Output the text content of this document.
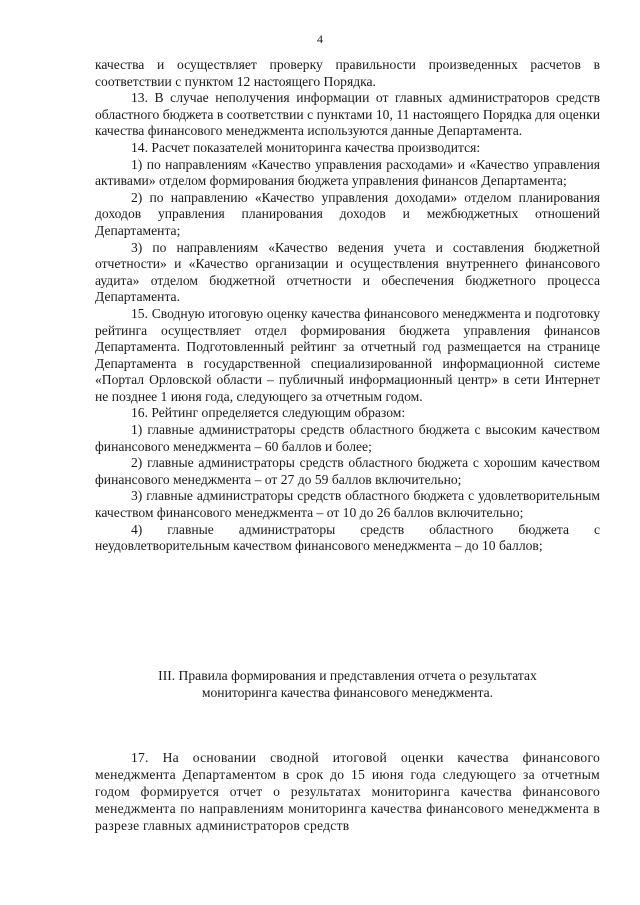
4

качества и осуществляет проверку правильности произведенных расчетов в соответствии с пунктом 12 настоящего Порядка.

13. В случае неполучения информации от главных администраторов средств областного бюджета в соответствии с пунктами 10, 11 настоящего Порядка для оценки качества финансового менеджмента используются данные Департамента.

14. Расчет показателей мониторинга качества производится:

1) по направлениям «Качество управления расходами» и «Качество управления активами» отделом формирования бюджета управления финансов Департамента;

2) по направлению «Качество управления доходами» отделом планирования доходов управления планирования доходов и межбюджетных отношений Департамента;

3) по направлениям «Качество ведения учета и составления бюджетной отчетности» и «Качество организации и осуществления внутреннего финансового аудита» отделом бюджетной отчетности и обеспечения бюджетного процесса Департамента.

15. Сводную итоговую оценку качества финансового менеджмента и подготовку рейтинга осуществляет отдел формирования бюджета управления финансов Департамента. Подготовленный рейтинг за отчетный год размещается на странице Департамента в государственной специализированной информационной системе «Портал Орловской области – публичный информационный центр» в сети Интернет не позднее 1 июня года, следующего за отчетным годом.

16. Рейтинг определяется следующим образом:

1) главные администраторы средств областного бюджета с высоким качеством финансового менеджмента – 60 баллов и более;

2) главные администраторы средств областного бюджета с хорошим качеством финансового менеджмента – от 27 до 59 баллов включительно;

3) главные администраторы средств областного бюджета с удовлетворительным качеством финансового менеджмента – от 10 до 26 баллов включительно;

4) главные администраторы средств областного бюджета с неудовлетворительным качеством финансового менеджмента – до 10 баллов;

III. Правила формирования и представления отчета о результатах
мониторинга качества финансового менеджмента.

17. На основании сводной итоговой оценки качества финансового менеджмента Департаментом в срок до 15 июня года следующего за отчетным годом формируется отчет о результатах мониторинга качества финансового менеджмента по направлениям мониторинга качества финансового менеджмента в разрезе главных администраторов средств
